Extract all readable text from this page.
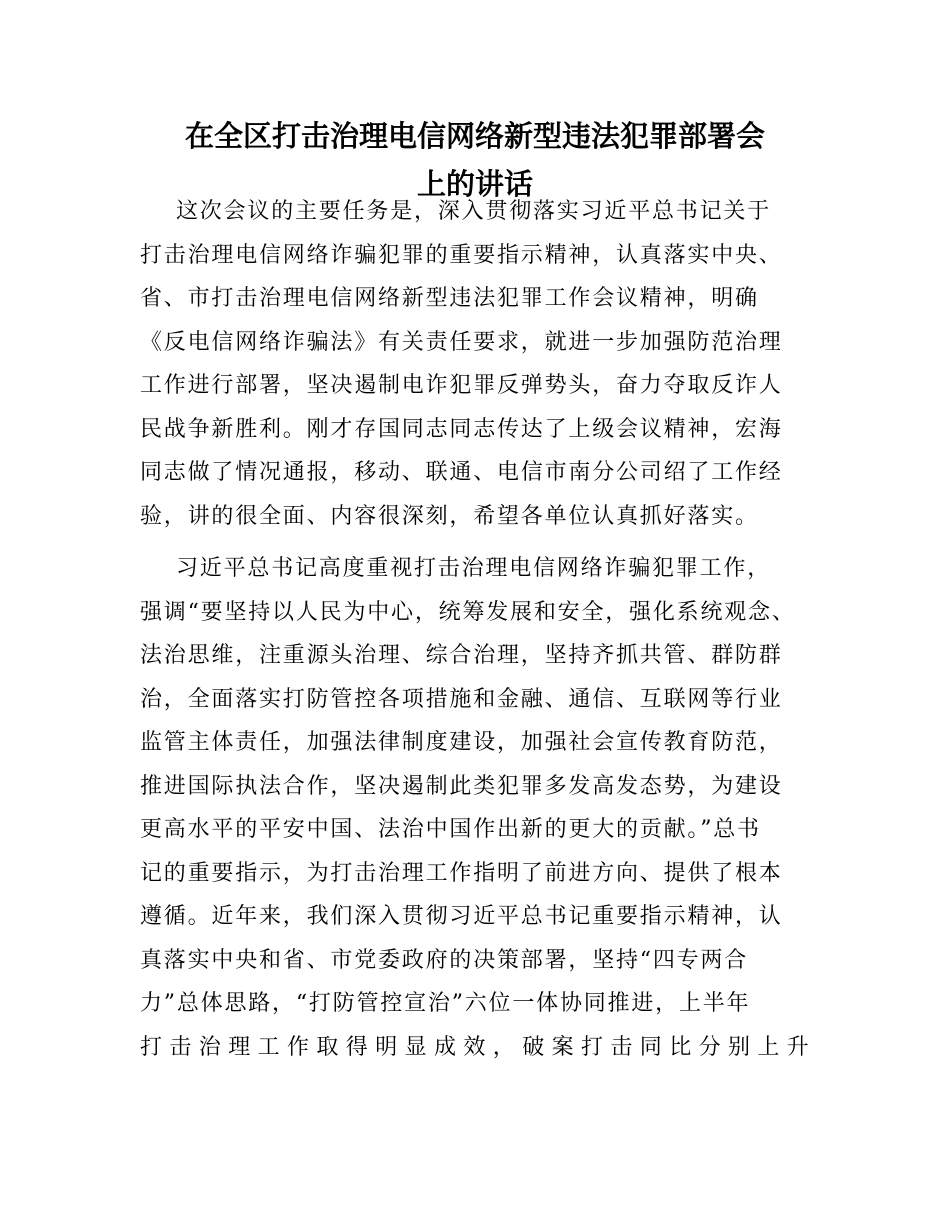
在全区打击治理电信网络新型违法犯罪部署会
上的讲话
这次会议的主要任务是，深入贯彻落实习近平总书记关于
打击治理电信网络诈骗犯罪的重要指示精神，认真落实中央、
省、市打击治理电信网络新型违法犯罪工作会议精神，明确
《反电信网络诈骗法》有关责任要求，就进一步加强防范治理
工作进行部署，坚决遏制电诈犯罪反弹势头，奋力夺取反诈人
民战争新胜利。刚才存国同志同志传达了上级会议精神，宏海
同志做了情况通报，移动、联通、电信市南分公司绍了工作经
验，讲的很全面、内容很深刻，希望各单位认真抓好落实。
习近平总书记高度重视打击治理电信网络诈骗犯罪工作，
强调“要坚持以人民为中心，统筹发展和安全，强化系统观念、
法治思维，注重源头治理、综合治理，坚持齐抓共管、群防群
治，全面落实打防管控各项措施和金融、通信、互联网等行业
监管主体责任，加强法律制度建设，加强社会宣传教育防范，
推进国际执法合作，坚决遏制此类犯罪多发高发态势，为建设
更高水平的平安中国、法治中国作出新的更大的贡献。”总书
记的重要指示，为打击治理工作指明了前进方向、提供了根本
遵循。近年来，我们深入贯彻习近平总书记重要指示精神，认
真落实中央和省、市党委政府的决策部署，坚持“四专两合
力”总体思路，“打防管控宣治”六位一体协同推进，上半年
打击治理工作取得明显成效，破案打击同比分别上升
